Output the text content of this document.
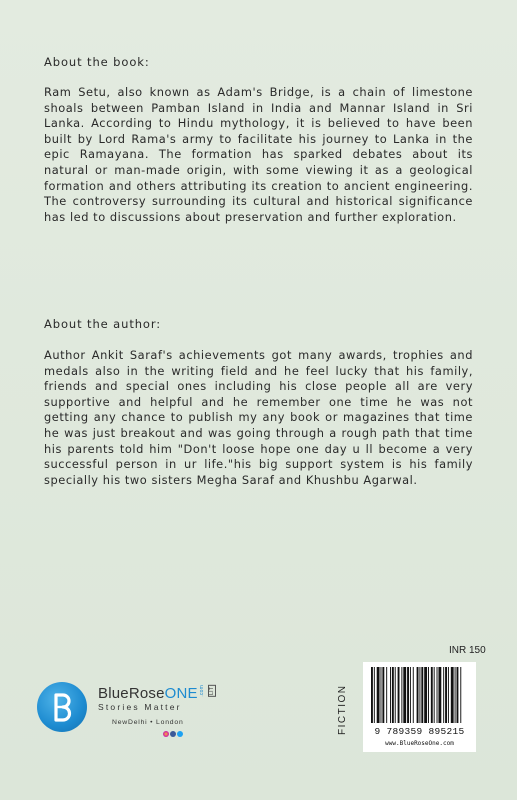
About the book:

Ram Setu, also known as Adam's Bridge, is a chain of limestone shoals between Pamban Island in India and Mannar Island in Sri Lanka. According to Hindu mythology, it is believed to have been built by Lord Rama's army to facilitate his journey to Lanka in the epic Ramayana. The formation has sparked debates about its natural or man-made origin, with some viewing it as a geological formation and others attributing its creation to ancient engineering. The controversy surrounding its cultural and historical significance has led to discussions about preservation and further exploration.

About the author:

Author Ankit Saraf's achievements got many awards, trophies and medals also in the writing field and he feel lucky that his family, friends and special ones including his close people all are very supportive and helpful and he remember one time he was not getting any chance to publish my any book or magazines that time he was just breakout and was going through a rough path that time his parents told him "Don't loose hope one day u ll become a very successful person in ur life."his big support system is his family specially his two sisters Megha Saraf and Khushbu Agarwal.

BlueRoseONE.com LIT
Stories Matter
NewDelhi • London
INR 150
FICTION	9 789359 895215
www.BlueRoseOne.com
